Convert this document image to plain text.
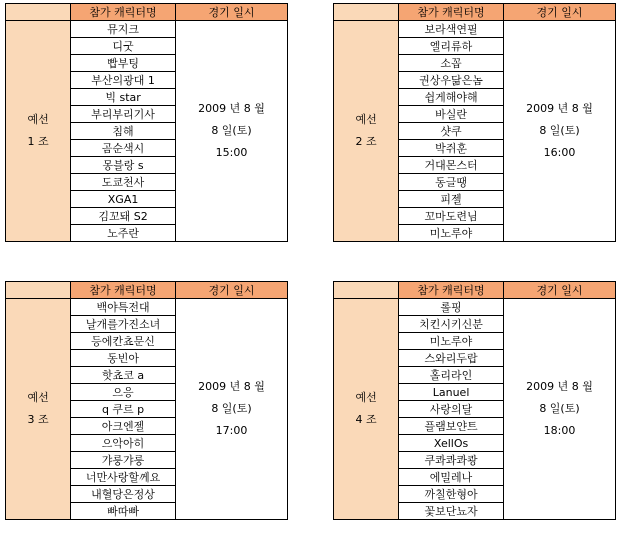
	참가 캐릭터명	경기 일시

예선
1 조	뮤지크	2009 년 8 월
8 일(토)
15:00

	디굿	
	빱부팅	
	부산의광대 1	
	빅 star	
	부리부리기사	
	침해	
	곰순색시	
	몽블랑 s	
	도쿄천사	
	XGA1	
	김꼬돼 S2	
	노주란	
	참가 캐릭터명	경기 일시

예선
2 조	보라색연필	2009 년 8 월
8 일(토)
16:00

	엘리류하	
	소꼽	
	권상우닮은놈	
	쉽게해야해	
	바실란	
	샷쿠	
	박쥐훈	
	거대몬스터	
	동글땡	
	피젤	
	꼬마도련님	
	미노루야	
	참가 캐릭터명	경기 일시

예선
3 조	백야특전대	2009 년 8 월
8 일(토)
17:00

	날개를가진소녀	
	등에칸쵸문신	
	동빈아	
	핫쵸코 a	
	으응	
	q 쿠르 p	
	아크엔젤	
	으악아히	
	갸룽갸룽	
	너만사랑할께요	
	내혈당은정상	
	빠따빠	
	참가 캐릭터명	경기 일시

예선
4 조	롤핑	2009 년 8 월
8 일(토)
18:00

	치킨시키신분	
	미노루야	
	스와리두랍	
	홀리라인	
	Lanuel	
	사랑의달	
	플램보얀트	
	XellOs	
	쿠콰콰콰쾅	
	에밀레나	
	까칠한형아	
	꽃보단뇨자	
